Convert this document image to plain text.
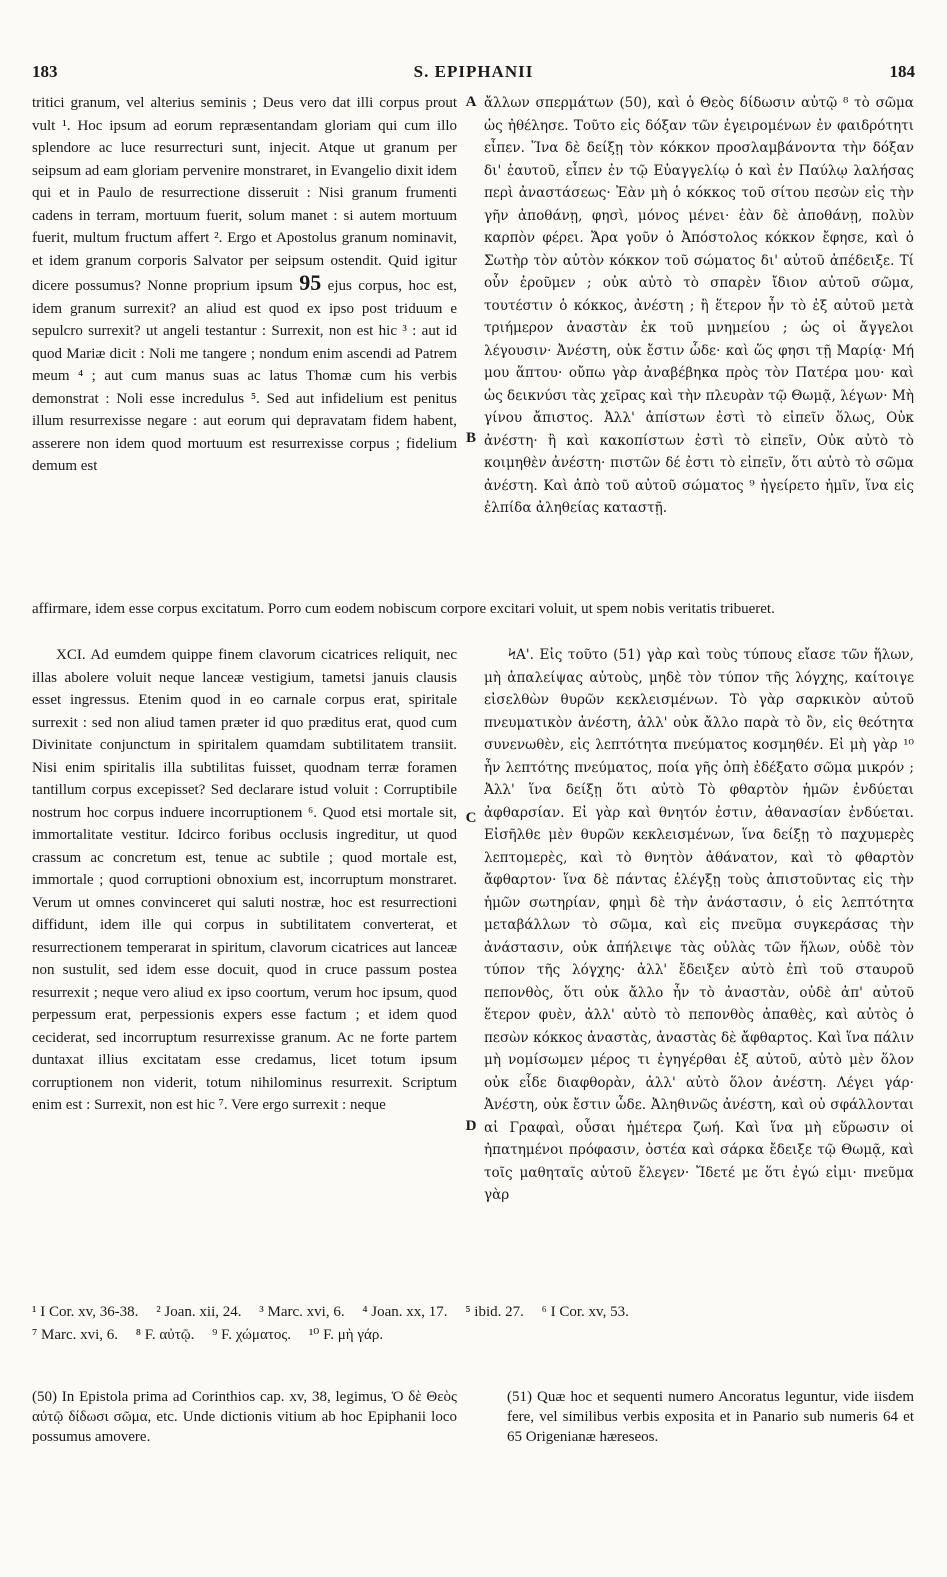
183	S. EPIPHANII	184
tritici granum, vel alterius seminis ; Deus vero dat illi corpus prout vult ¹. Hoc ipsum ad eorum repræsentandam gloriam qui cum illo splendore ac luce resurrecturi sunt, injecit. Atque ut granum per seipsum ad eam gloriam pervenire monstraret, in Evangelio dixit idem qui et in Paulo de resurrectione disseruit : Nisi granum frumenti cadens in terram, mortuum fuerit, solum manet : si autem mortuum fuerit, multum fructum affert ². Ergo et Apostolus granum nominavit, et idem granum corporis Salvator per seipsum ostendit. Quid igitur dicere possumus? Nonne proprium ipsum 95 ejus corpus, hoc est, idem granum surrexit? an aliud est quod ex ipso post triduum e sepulcro surrexit? ut angeli testantur : Surrexit, non est hic ³ : aut id quod Mariæ dicit : Noli me tangere ; nondum enim ascendi ad Patrem meum ⁴ ; aut cum manus suas ac latus Thomæ cum his verbis demonstrat : Noli esse incredulus ⁵. Sed aut infidelium est penitus illum resurrexisse negare : aut eorum qui depravatam fidem habent, asserere non idem quod mortuum est resurrexisse corpus ; fidelium demum est
ἄλλων σπερμάτων (50), καὶ ὁ Θεὸς δίδωσιν αὐτῷ ⁸ τὸ σῶμα ὡς ἠθέλησε. Τοῦτο εἰς δόξαν τῶν ἐγειρομένων ἐν φαιδρότητι εἶπεν. Ἵνα δὲ δείξῃ τὸν κόκκον προσλαμβάνοντα τὴν δόξαν δι' ἑαυτοῦ, εἶπεν ἐν τῷ Εὐαγγελίῳ ὁ καὶ ἐν Παύλῳ λαλήσας περὶ ἀναστάσεως· Ἐὰν μὴ ὁ κόκκος τοῦ σίτου πεσὼν εἰς τὴν γῆν ἀποθάνῃ, φησὶ, μόνος μένει· ἐὰν δὲ ἀποθάνῃ, πολὺν καρπὸν φέρει. Ἄρα γοῦν ὁ Ἀπόστολος κόκκον ἔφησε, καὶ ὁ Σωτὴρ τὸν αὐτὸν κόκκον τοῦ σώματος δι' αὐτοῦ ἀπέδειξε. Τί οὖν ἐροῦμεν ; οὐκ αὐτὸ τὸ σπαρὲν ἴδιον αὐτοῦ σῶμα, τουτέστιν ὁ κόκκος, ἀνέστη ; ἢ ἕτερον ἦν τὸ ἐξ αὐτοῦ μετὰ τριήμερον ἀναστὰν ἐκ τοῦ μνημείου ; ὡς οἱ ἄγγελοι λέγουσιν· Ἀνέστη, οὐκ ἔστιν ὧδε· καὶ ὥς φησι τῇ Μαρίᾳ· Μή μου ἅπτου· οὔπω γὰρ ἀναβέβηκα πρὸς τὸν Πατέρα μου· καὶ ὡς δεικνύσι τὰς χεῖρας καὶ τὴν πλευρὰν τῷ Θωμᾷ, λέγων· Μὴ γίνου ἄπιστος. Ἀλλ' ἀπίστων ἐστὶ τὸ εἰπεῖν ὅλως, Οὐκ ἀνέστη· ἢ καὶ κακοπίστων ἐστὶ τὸ εἰπεῖν, Οὐκ αὐτὸ τὸ κοιμηθὲν ἀνέστη· πιστῶν δέ ἐστι τὸ εἰπεῖν, ὅτι αὐτὸ τὸ σῶμα ἀνέστη. Καὶ ἀπὸ τοῦ αὐτοῦ σώματος ⁹ ἠγείρετο ἡμῖν, ἵνα εἰς ἐλπίδα ἀληθείας καταστῇ.
A
B
C
D
affirmare, idem esse corpus excitatum. Porro cum eodem nobiscum corpore excitari voluit, ut spem nobis veritatis tribueret.
XCI. Ad eumdem quippe finem clavorum cicatrices reliquit, nec illas abolere voluit neque lanceæ vestigium, tametsi januis clausis esset ingressus. Etenim quod in eo carnale corpus erat, spiritale surrexit : sed non aliud tamen præter id quo præditus erat, quod cum Divinitate conjunctum in spiritalem quamdam subtilitatem transiit. Nisi enim spiritalis illa subtilitas fuisset, quodnam terræ foramen tantillum corpus excepisset? Sed declarare istud voluit : Corruptibile nostrum hoc corpus induere incorruptionem ⁶. Quod etsi mortale sit, immortalitate vestitur. Idcirco foribus occlusis ingreditur, ut quod crassum ac concretum est, tenue ac subtile ; quod mortale est, immortale ; quod corruptioni obnoxium est, incorruptum monstraret. Verum ut omnes convinceret qui saluti nostræ, hoc est resurrectioni diffidunt, idem ille qui corpus in subtilitatem converterat, et resurrectionem temperarat in spiritum, clavorum cicatrices aut lanceæ non sustulit, sed idem esse docuit, quod in cruce passum postea resurrexit ; neque vero aliud ex ipso coortum, verum hoc ipsum, quod perpessum erat, perpessionis expers esse factum ; et idem quod ceciderat, sed incorruptum resurrexisse granum. Ac ne forte partem duntaxat illius excitatam esse credamus, licet totum ipsum corruptionem non viderit, totum nihilominus resurrexit. Scriptum enim est : Surrexit, non est hic ⁷. Vere ergo surrexit : neque
ϞΑ'. Εἰς τοῦτο (51) γὰρ καὶ τοὺς τύπους εἴασε τῶν ἥλων, μὴ ἀπαλείψας αὐτοὺς, μηδὲ τὸν τύπον τῆς λόγχης, καίτοιγε εἰσελθὼν θυρῶν κεκλεισμένων. Τὸ γὰρ σαρκικὸν αὐτοῦ πνευματικὸν ἀνέστη, ἀλλ' οὐκ ἄλλο παρὰ τὸ ὂν, εἰς θεότητα συνενωθὲν, εἰς λεπτότητα πνεύματος κοσμηθέν. Εἰ μὴ γὰρ ¹⁰ ἦν λεπτότης πνεύματος, ποία γῆς ὀπὴ ἐδέξατο σῶμα μικρόν ; Ἀλλ' ἵνα δείξῃ ὅτι αὐτὸ Τὸ φθαρτὸν ἡμῶν ἐνδύεται ἀφθαρσίαν. Εἰ γὰρ καὶ θνητόν ἐστιν, ἀθανασίαν ἐνδύεται. Εἰσῆλθε μὲν θυρῶν κεκλεισμένων, ἵνα δείξῃ τὸ παχυμερὲς λεπτομερὲς, καὶ τὸ θνητὸν ἀθάνατον, καὶ τὸ φθαρτὸν ἄφθαρτον· ἵνα δὲ πάντας ἐλέγξῃ τοὺς ἀπιστοῦντας εἰς τὴν ἡμῶν σωτηρίαν, φημὶ δὲ τὴν ἀνάστασιν, ὁ εἰς λεπτότητα μεταβάλλων τὸ σῶμα, καὶ εἰς πνεῦμα συγκεράσας τὴν ἀνάστασιν, οὐκ ἀπήλειψε τὰς οὐλὰς τῶν ἥλων, οὐδὲ τὸν τύπον τῆς λόγχης· ἀλλ' ἔδειξεν αὐτὸ ἐπὶ τοῦ σταυροῦ πεπονθὸς, ὅτι οὐκ ἄλλο ἦν τὸ ἀναστὰν, οὐδὲ ἀπ' αὐτοῦ ἕτερον φυὲν, ἀλλ' αὐτὸ τὸ πεπονθὸς ἀπαθὲς, καὶ αὐτὸς ὁ πεσὼν κόκκος ἀναστὰς, ἀναστὰς δὲ ἄφθαρτος. Καὶ ἵνα πάλιν μὴ νομίσωμεν μέρος τι ἐγηγέρθαι ἐξ αὐτοῦ, αὐτὸ μὲν ὅλον οὐκ εἶδε διαφθορὰν, ἀλλ' αὐτὸ ὅλον ἀνέστη. Λέγει γάρ· Ἀνέστη, οὐκ ἔστιν ὧδε. Ἀληθινῶς ἀνέστη, καὶ οὐ σφάλλονται αἱ Γραφαὶ, οὖσαι ἡμέτερα ζωή. Καὶ ἵνα μὴ εὕρωσιν οἱ ἠπατημένοι πρόφασιν, ὀστέα καὶ σάρκα ἔδειξε τῷ Θωμᾷ, καὶ τοῖς μαθηταῖς αὐτοῦ ἔλεγεν· Ἴδετέ με ὅτι ἐγώ εἰμι· πνεῦμα γὰρ
¹ I Cor. xv, 36-38. ² Joan. xii, 24. ³ Marc. xvi, 6. ⁴ Joan. xx, 17. ⁵ ibid. 27. ⁶ I Cor. xv, 53.
⁷ Marc. xvi, 6. ⁸ F. αὐτῷ. ⁹ F. χώματος. ¹⁰ F. μὴ γάρ.
(50) In Epistola prima ad Corinthios cap. xv, 38, legimus, Ὁ δὲ Θεὸς αὐτῷ δίδωσι σῶμα, etc. Unde dictionis vitium ab hoc Epiphanii loco possumus amovere.
(51) Quæ hoc et sequenti numero Ancoratus leguntur, vide iisdem fere, vel similibus verbis exposita et in Panario sub numeris 64 et 65 Origenianæ hæreseos.
